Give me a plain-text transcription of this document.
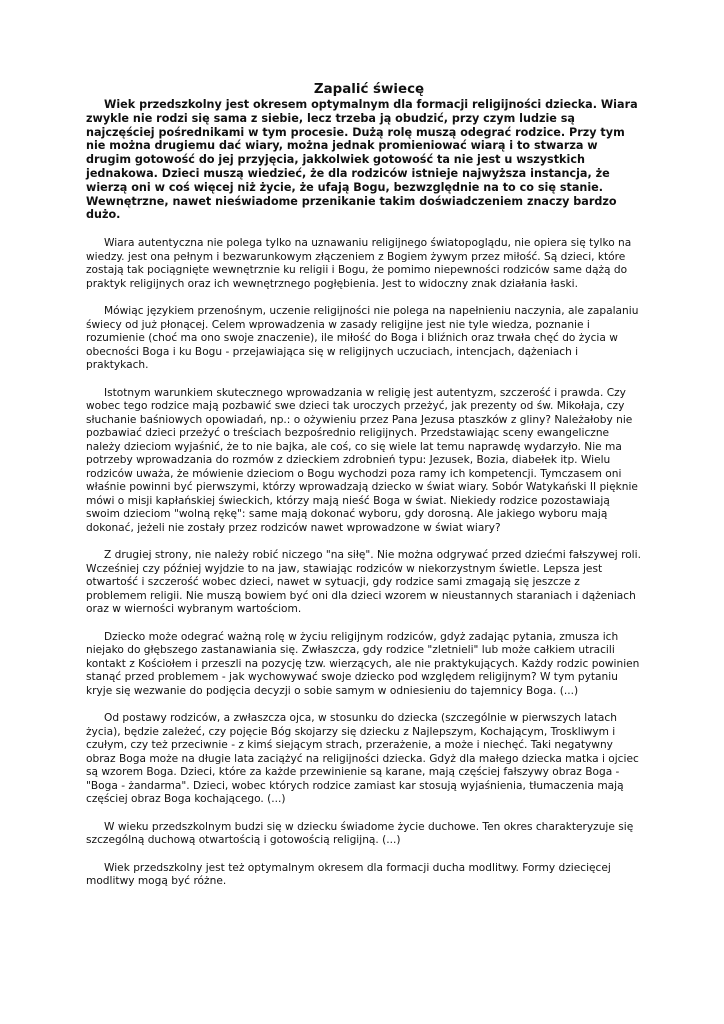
Zapalić świecę

Wiek przedszkolny jest okresem optymalnym dla formacji religijności dziecka. Wiara zwykle nie rodzi się sama z siebie, lecz trzeba ją obudzić, przy czym ludzie są najczęściej pośrednikami w tym procesie. Dużą rolę muszą odegrać rodzice. Przy tym nie można drugiemu dać wiary, można jednak promieniować wiarą i to stwarza w drugim gotowość do jej przyjęcia, jakkolwiek gotowość ta nie jest u wszystkich jednakowa. Dzieci muszą wiedzieć, że dla rodziców istnieje najwyższa instancja, że wierzą oni w coś więcej niż życie, że ufają Bogu, bezwzględnie na to co się stanie. Wewnętrzne, nawet nieświadome przenikanie takim doświadczeniem znaczy bardzo dużo.

Wiara autentyczna nie polega tylko na uznawaniu religijnego światopoglądu, nie opiera się tylko na wiedzy. jest ona pełnym i bezwarunkowym złączeniem z Bogiem żywym przez miłość. Są dzieci, które zostają tak pociągnięte wewnętrznie ku religii i Bogu, że pomimo niepewności rodziców same dążą do praktyk religijnych oraz ich wewnętrznego pogłębienia. Jest to widoczny znak działania łaski.

Mówiąc językiem przenośnym, uczenie religijności nie polega na napełnieniu naczynia, ale zapalaniu świecy od już płonącej. Celem wprowadzenia w zasady religijne jest nie tyle wiedza, poznanie i rozumienie (choć ma ono swoje znaczenie), ile miłość do Boga i bliźnich oraz trwała chęć do życia w obecności Boga i ku Bogu - przejawiająca się w religijnych uczuciach, intencjach, dążeniach i praktykach.

Istotnym warunkiem skutecznego wprowadzania w religię jest autentyzm, szczerość i prawda. Czy wobec tego rodzice mają pozbawić swe dzieci tak uroczych przeżyć, jak prezenty od św. Mikołaja, czy słuchanie baśniowych opowiadań, np.: o ożywieniu przez Pana Jezusa ptaszków z gliny? Należałoby nie pozbawiać dzieci przeżyć o treściach bezpośrednio religijnych. Przedstawiając sceny ewangeliczne należy dzieciom wyjaśnić, że to nie bajka, ale coś, co się wiele lat temu naprawdę wydarzyło. Nie ma potrzeby wprowadzania do rozmów z dzieckiem zdrobnień typu: Jezusek, Bozia, diabełek itp. Wielu rodziców uważa, że mówienie dzieciom o Bogu wychodzi poza ramy ich kompetencji. Tymczasem oni właśnie powinni być pierwszymi, którzy wprowadzają dziecko w świat wiary. Sobór Watykański II pięknie mówi o misji kapłańskiej świeckich, którzy mają nieść Boga w świat. Niekiedy rodzice pozostawiają swoim dzieciom "wolną rękę": same mają dokonać wyboru, gdy dorosną. Ale jakiego wyboru mają dokonać, jeżeli nie zostały przez rodziców nawet wprowadzone w świat wiary?

Z drugiej strony, nie należy robić niczego "na siłę". Nie można odgrywać przed dziećmi fałszywej roli. Wcześniej czy później wyjdzie to na jaw, stawiając rodziców w niekorzystnym świetle. Lepsza jest otwartość i szczerość wobec dzieci, nawet w sytuacji, gdy rodzice sami zmagają się jeszcze z problemem religii. Nie muszą bowiem być oni dla dzieci wzorem w nieustannych staraniach i dążeniach oraz w wierności wybranym wartościom.

Dziecko może odegrać ważną rolę w życiu religijnym rodziców, gdyż zadając pytania, zmusza ich niejako do głębszego zastanawiania się. Zwłaszcza, gdy rodzice "zletnieli" lub może całkiem utracili kontakt z Kościołem i przeszli na pozycję tzw. wierzących, ale nie praktykujących. Każdy rodzic powinien stanąć przed problemem - jak wychowywać swoje dziecko pod względem religijnym? W tym pytaniu kryje się wezwanie do podjęcia decyzji o sobie samym w odniesieniu do tajemnicy Boga. (...)

Od postawy rodziców, a zwłaszcza ojca, w stosunku do dziecka (szczególnie w pierwszych latach życia), będzie zależeć, czy pojęcie Bóg skojarzy się dziecku z Najlepszym, Kochającym, Troskliwym i czułym, czy też przeciwnie - z kimś siejącym strach, przerażenie, a może i niechęć. Taki negatywny obraz Boga może na długie lata zaciążyć na religijności dziecka. Gdyż dla małego dziecka matka i ojciec są wzorem Boga. Dzieci, które za każde przewinienie są karane, mają częściej fałszywy obraz Boga - "Boga - żandarma". Dzieci, wobec których rodzice zamiast kar stosują wyjaśnienia, tłumaczenia mają częściej obraz Boga kochającego. (...)

W wieku przedszkolnym budzi się w dziecku świadome życie duchowe. Ten okres charakteryzuje się szczególną duchową otwartością i gotowością religijną. (...)

Wiek przedszkolny jest też optymalnym okresem dla formacji ducha modlitwy. Formy dziecięcej modlitwy mogą być różne.
